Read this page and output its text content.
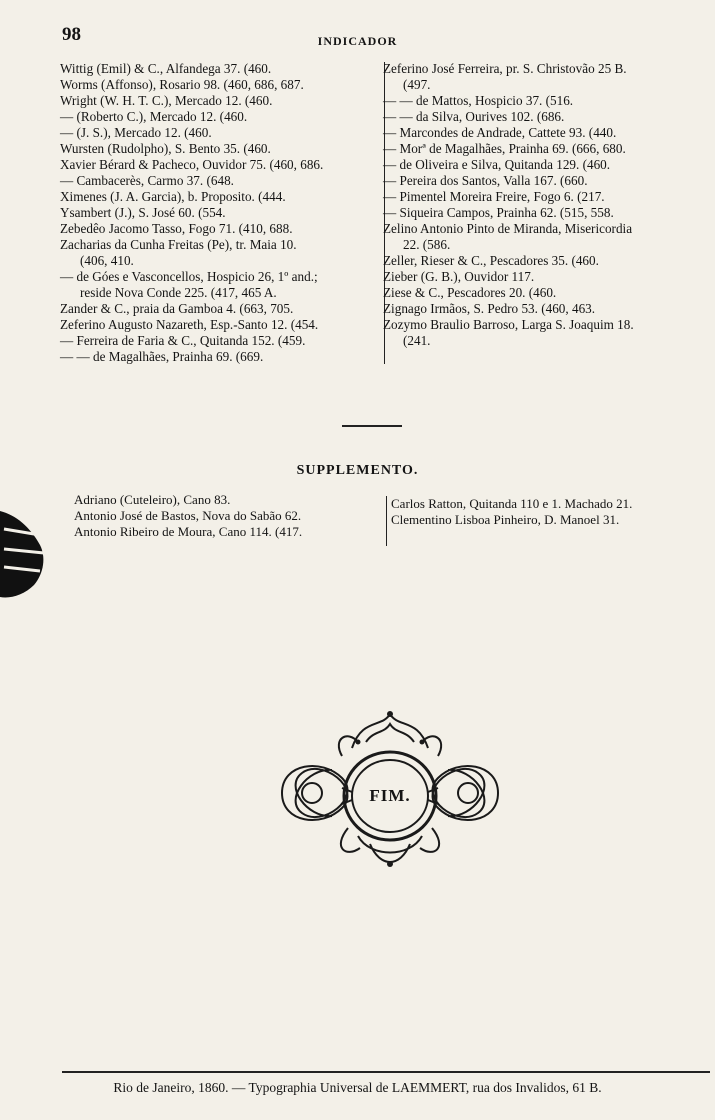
98	INDICADOR
Wittig (Emil) & C., Alfandega 37. (460.
Worms (Affonso), Rosario 98. (460, 686, 687.
Wright (W. H. T. C.), Mercado 12. (460.
— (Roberto C.), Mercado 12. (460.
— (J. S.), Mercado 12. (460.
Wursten (Rudolpho), S. Bento 35. (460.
Xavier Bérard & Pacheco, Ouvidor 75. (460, 686.
— Cambacerès, Carmo 37. (648.
Ximenes (J. A. Garcia), b. Proposito. (444.
Ysambert (J.), S. José 60. (554.
Zebedêo Jacomo Tasso, Fogo 71. (410, 688.
Zacharias da Cunha Freitas (Pe), tr. Maia 10.
(406, 410.
— de Góes e Vasconcellos, Hospicio 26, 1º and.;
reside Nova Conde 225. (417, 465 A.
Zander & C., praia da Gamboa 4. (663, 705.
Zeferino Augusto Nazareth, Esp.-Santo 12. (454.
— Ferreira de Faria & C., Quitanda 152. (459.
— — de Magalhães, Prainha 69. (669.
Zeferino José Ferreira, pr. S. Christovão 25 B.
(497.
— — de Mattos, Hospicio 37. (516.
— — da Silva, Ourives 102. (686.
— Marcondes de Andrade, Cattete 93. (440.
— Morª de Magalhães, Prainha 69. (666, 680.
— de Oliveira e Silva, Quitanda 129. (460.
— Pereira dos Santos, Valla 167. (660.
— Pimentel Moreira Freire, Fogo 6. (217.
— Siqueira Campos, Prainha 62. (515, 558.
Zelino Antonio Pinto de Miranda, Misericordia
22. (586.
Zeller, Rieser & C., Pescadores 35. (460.
Zieber (G. B.), Ouvidor 117.
Ziese & C., Pescadores 20. (460.
Zignago Irmãos, S. Pedro 53. (460, 463.
Zozymo Braulio Barroso, Larga S. Joaquim 18.
(241.
SUPPLEMENTO.
Adriano (Cuteleiro), Cano 83.
Antonio José de Bastos, Nova do Sabão 62.
Antonio Ribeiro de Moura, Cano 114. (417.
Carlos Ratton, Quitanda 110 e 1. Machado 21.
Clementino Lisboa Pinheiro, D. Manoel 31.
FIM.
Rio de Janeiro, 1860. — Typographia Universal de LAEMMERT, rua dos Invalidos, 61 B.
